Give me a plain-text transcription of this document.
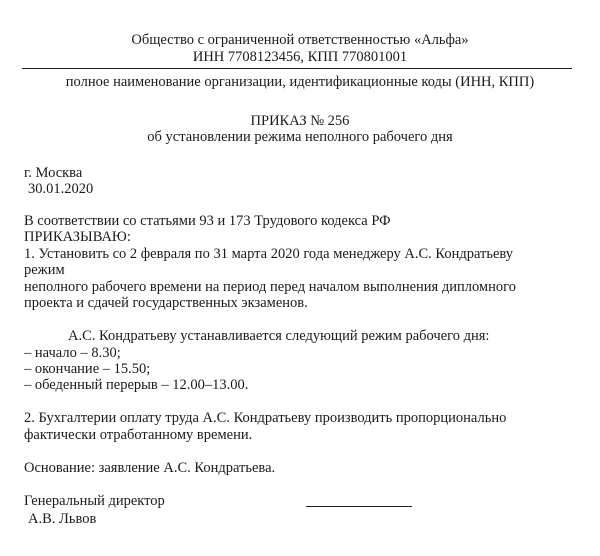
Общество с ограниченной ответственностью «Альфа»
ИНН 7708123456, КПП 770801001
полное наименование организации, идентификационные коды (ИНН, КПП)
ПРИКАЗ № 256
об установлении режима неполного рабочего дня
г. Москва
30.01.2020
В соответствии со статьями 93 и 173 Трудового кодекса РФ
ПРИКАЗЫВАЮ:
1. Установить со 2 февраля по 31 марта 2020 года менеджеру А.С. Кондратьеву
режим
неполного рабочего времени на период перед началом выполнения дипломного
проекта и сдачей государственных экзаменов.
А.С. Кондратьеву устанавливается следующий режим рабочего дня:
– начало – 8.30;
– окончание – 15.50;
– обеденный перерыв – 12.00–13.00.
2. Бухгалтерии оплату труда А.С. Кондратьеву производить пропорционально
фактически отработанному времени.
Основание: заявление А.С. Кондратьева.
Генеральный директор
А.В. Львов
